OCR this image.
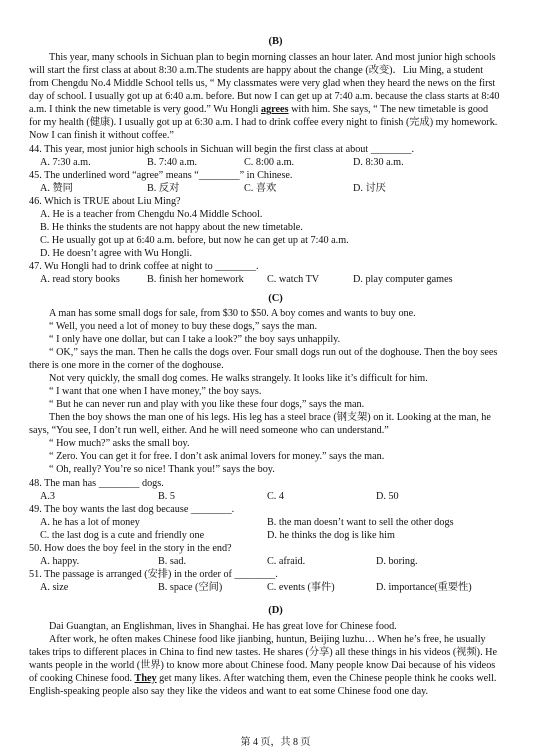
(B)
This year, many schools in Sichuan plan to begin morning classes an hour later. And most junior high schools
will start the first class at about 8:30 a.m.The students are happy about the change (改变)．Liu Ming, a student
from Chengdu No.4 Middle School tells us, “ My classmates were very glad when they heard the news on the first
day of school. I usually got up at 6:40 a.m. before. But now I can get up at 7:40 a.m. because the class starts at 8:40
a.m. I think the new timetable is very good.” Wu Hongli agrees with him. She says, “ The new timetable is good
for my health (健康). I usually got up at 6:30 a.m. I had to drink coffee every night to finish (完成) my homework.
Now I can finish it without coffee.”
44. This year, most junior high schools in Sichuan will begin the first class at about ________.
A. 7:30 a.m.	B. 7:40 a.m.	C. 8:00 a.m.	D. 8:30 a.m.
45. The underlined word “agree” means “________” in Chinese.
A. 赞同	B. 反对	C. 喜欢	D. 讨厌
46. Which is TRUE about Liu Ming?
A. He is a teacher from Chengdu No.4 Middle School.
B. He thinks the students are not happy about the new timetable.
C. He usually got up at 6:40 a.m. before, but now he can get up at 7:40 a.m.
D. He doesn’t agree with Wu Hongli.
47. Wu Hongli had to drink coffee at night to ________.
A. read story books	B. finish her homework C. watch TV	D. play computer games
(C)
A man has some small dogs for sale, from $30 to $50. A boy comes and wants to buy one.
“ Well, you need a lot of money to buy these dogs,” says the man.
“ I only have one dollar, but can I take a look?” the boy says unhappily.
“ OK,” says the man. Then he calls the dogs over. Four small dogs run out of the doghouse. Then the boy sees
there is one more in the corner of the doghouse.
Not very quickly, the small dog comes. He walks strangely. It looks like it’s difficult for him.
“ I want that one when I have money,” the boy says.
“ But he can never run and play with you like these four dogs,” says the man.
Then the boy shows the man one of his legs. His leg has a steel brace (钢支架) on it. Looking at the man, he
says, “You see, I don’t run well, either. And he will need someone who can understand.”
“ How much?” asks the small boy.
“ Zero. You can get it for free. I don’t ask animal lovers for money.” says the man.
“ Oh, really? You’re so nice! Thank you!” says the boy.
48. The man has ________ dogs.
A.3	B. 5	C. 4	D. 50
49. The boy wants the last dog because ________.
A. he has a lot of money	B. the man doesn’t want to sell the other dogs
C. the last dog is a cute and friendly one	D. he thinks the dog is like him
50. How does the boy feel in the story in the end?
A. happy.	B. sad.	C. afraid.	D. boring.
51. The passage is arranged (安排) in the order of ________.
A. size	B. space (空间)	C. events (事件)	D. importance(重要性)
(D)
Dai Guangtan, an Englishman, lives in Shanghai. He has great love for Chinese food.
After work, he often makes Chinese food like jianbing, huntun, Beijing luzhu… When he’s free, he usually
takes trips to different places in China to find new tastes. He shares (分享) all these things in his videos (视频). He
wants people in the world (世界) to know more about Chinese food. Many people know Dai because of his videos
of cooking Chinese food. They get many likes. After watching them, even the Chinese people think he cooks well.
English-speaking people also say they like the videos and want to eat some Chinese food one day.
第 4 页，共 8 页
